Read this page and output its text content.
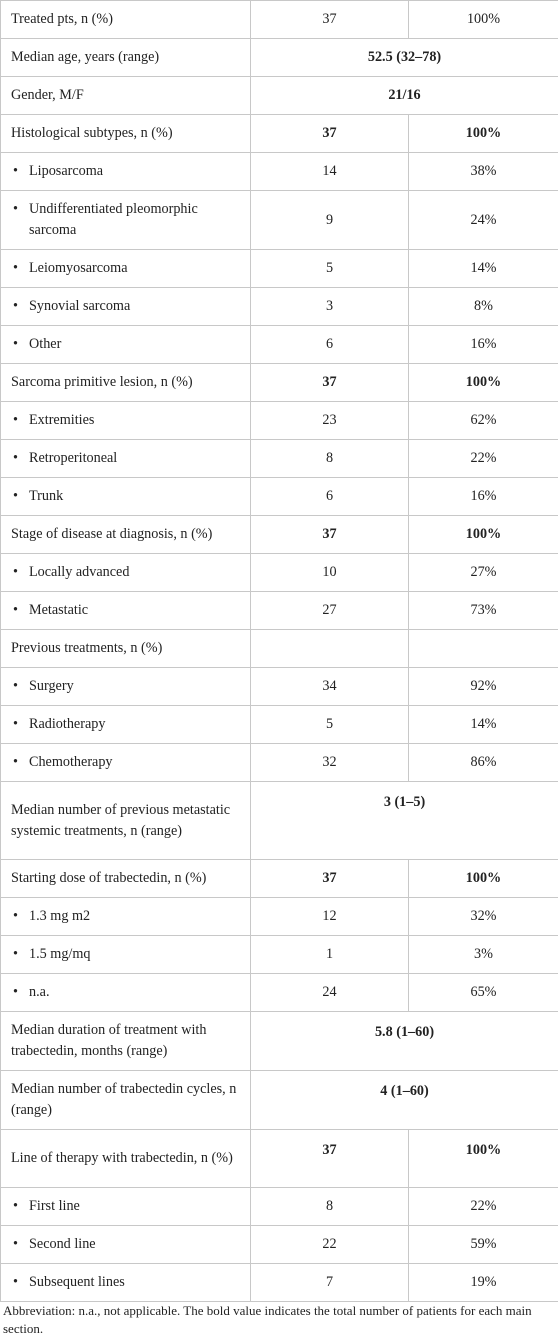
Treated pts, n (%)	37	100%
Median age, years (range)	52.5 (32–78)	
Gender, M/F	21/16	
Histological subtypes, n (%)	37	100%

• Liposarcoma	14	38%

• Undifferentiated pleomorphic sarcoma	9	24%

• Leiomyosarcoma	5	14%

• Synovial sarcoma	3	8%

• Other	6	16%
Sarcoma primitive lesion, n (%)	37	100%

• Extremities	23	62%

• Retroperitoneal	8	22%

• Trunk	6	16%
Stage of disease at diagnosis, n (%)	37	100%

• Locally advanced	10	27%

• Metastatic	27	73%
Previous treatments, n (%)		

• Surgery	34	92%

• Radiotherapy	5	14%

• Chemotherapy	32	86%
Median number of previous metastatic systemic treatments, n (range)	3 (1–5)	
Starting dose of trabectedin, n (%)	37	100%

• 1.3 mg m2	12	32%

• 1.5 mg/mq	1	3%

• n.a.	24	65%
Median duration of treatment with trabectedin, months (range)	5.8 (1–60)	
Median number of trabectedin cycles, n (range)	4 (1–60)	
Line of therapy with trabectedin, n (%)	37	100%

• First line	8	22%

• Second line	22	59%

• Subsequent lines	7	19%
Abbreviation: n.a., not applicable. The bold value indicates the total number of patients for each main section.
